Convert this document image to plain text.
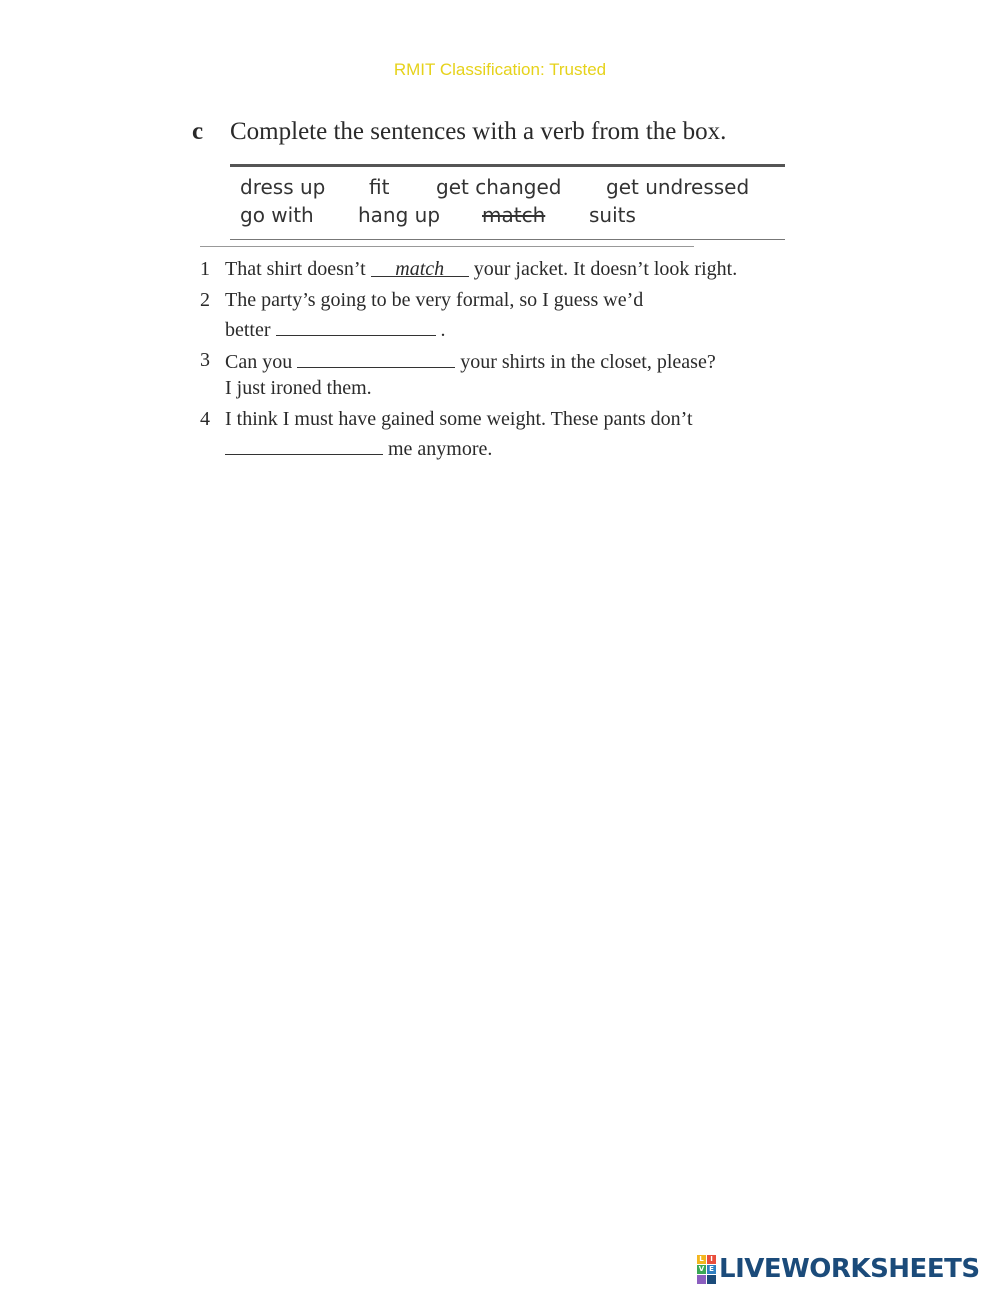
RMIT Classification: Trusted
c Complete the sentences with a verb from the box.
dress up fit get changed get undressed
go with hang up match suits
1 That shirt doesn’t match your jacket. It doesn’t look right.
2 The party’s going to be very formal, so I guess we’d
better	.
3 Can you	your shirts in the closet, please?
I just ironed them.
4 I think I must have gained some weight. These pants don’t
me anymore.
L I
V E LIVEWORKSHEETS
